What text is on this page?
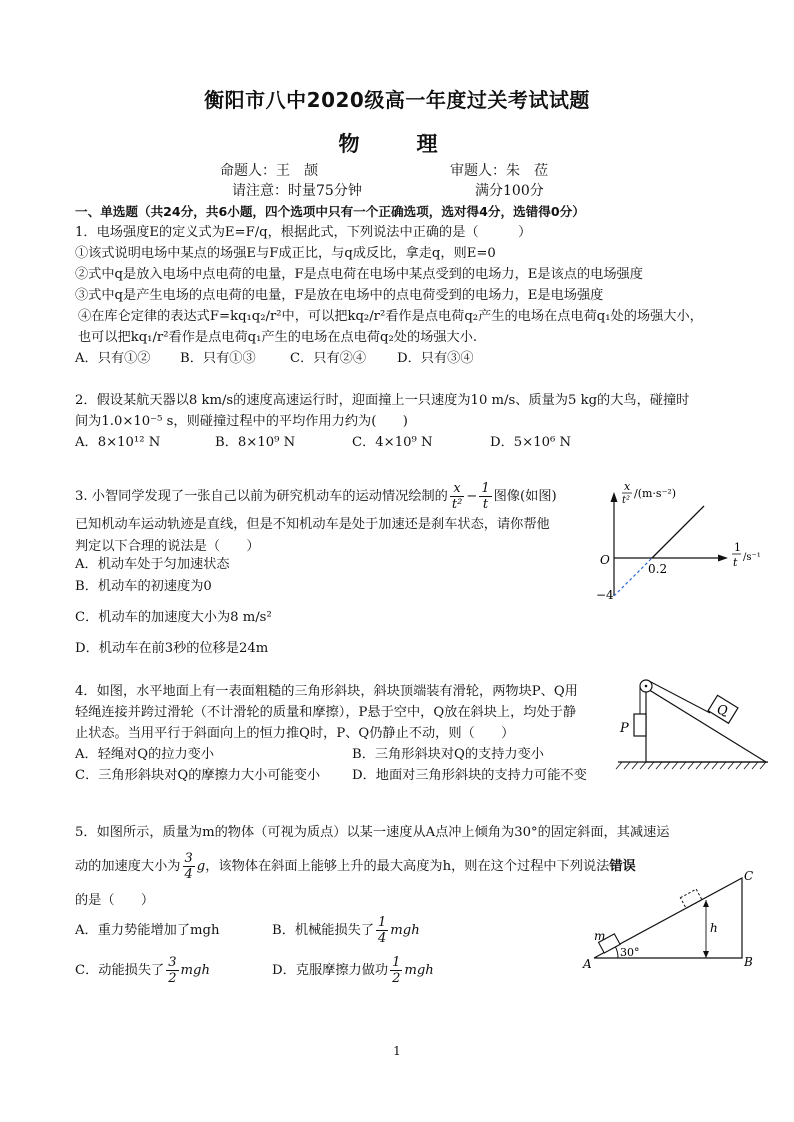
衡阳市八中2020级高一年度过关考试试题
物　理
命题人：王　颉	审题人：朱　莅
请注意：时量75分钟	满分100分
一、单选题（共24分，共6小题，四个选项中只有一个正确选项，选对得4分，选错得0分）
1．电场强度E的定义式为E=F/q，根据此式，下列说法中正确的是（　　　）
①该式说明电场中某点的场强E与F成正比，与q成反比，拿走q，则E=0
②式中q是放入电场中点电荷的电量，F是点电荷在电场中某点受到的电场力，E是该点的电场强度
③式中q是产生电场的点电荷的电量，F是放在电场中的点电荷受到的电场力，E是电场强度
④在库仑定律的表达式F=kq₁q₂/r²中，可以把kq₂/r²看作是点电荷q₂产生的电场在点电荷q₁处的场强大小，
也可以把kq₁/r²看作是点电荷q₁产生的电场在点电荷q₂处的场强大小.
A．只有①② B．只有①③	C．只有②④ D．只有③④
2．假设某航天器以8 km/s的速度高速运行时，迎面撞上一只速度为10 m/s、质量为5 kg的大鸟，碰撞时
间为1.0×10⁻⁵ s，则碰撞过程中的平均作用力约为(　　)
A．8×10¹² N	B．8×10⁹ N	C．4×10⁹ N	D．5×10⁶ N
3. 小智同学发现了一张自己以前为研究机动车的运动情况绘制的 $\frac{x}{\text{t²}} - \frac{1}{t}$ 图像(如图)
已知机动车运动轨迹是直线，但是不知机动车是处于加速还是刹车状态，请你帮他
判定以下合理的说法是（　　）
A．机动车处于匀加速状态
B．机动车的初速度为0
C．机动车的加速度大小为8 m/s²
D．机动车在前3秒的位移是24m
x
t²
/(m·s⁻²)
1
t /s⁻¹
O
0.2
−4
4．如图，水平地面上有一表面粗糙的三角形斜块，斜块顶端装有滑轮，两物块P、Q用
轻绳连接并跨过滑轮（不计滑轮的质量和摩擦），P悬于空中，Q放在斜块上，均处于静
止状态。当用平行于斜面向上的恒力推Q时，P、Q仍静止不动，则（　　）
A．轻绳对Q的拉力变小	B．三角形斜块对Q的支持力变小
C．三角形斜块对Q的摩擦力大小可能变小 D．地面对三角形斜块的支持力可能不变
P
Q
5．如图所示，质量为m的物体（可视为质点）以某一速度从A点冲上倾角为30°的固定斜面，其减速运
动的加速度大小为 $\frac{3}{4}$ g，该物体在斜面上能够上升的最大高度为h，则在这个过程中下列说法错误
的是（　　）
A．重力势能增加了mgh	B．机械能损失了 $\frac{1}{4}$ mgh
C．动能损失了 $\frac{3}{2}$ mgh	D．克服摩擦力做功 $\frac{1}{2}$ mgh
30°
m
h
A	B
C
1
